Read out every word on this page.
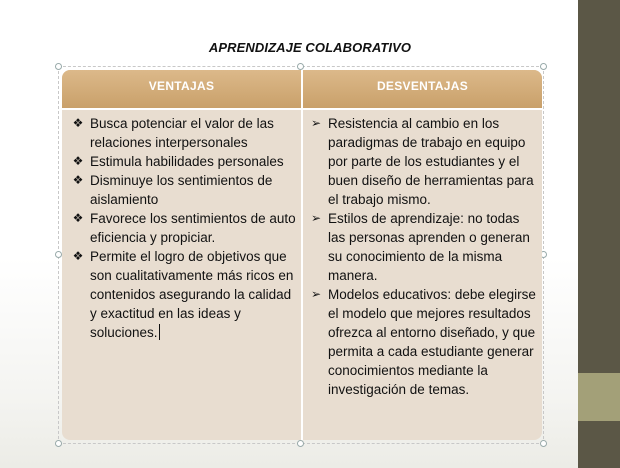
APRENDIZAJE COLABORATIVO
VENTAJAS	DESVENTAJAS

❖ Busca potenciar el valor de las relaciones interpersonales

❖ Estimula habilidades personales

❖ Disminuye los sentimientos de aislamiento

❖ Favorece los sentimientos de auto eficiencia y propiciar.

❖ Permite el logro de objetivos que son cualitativamente más ricos en contenidos asegurando la calidad y exactitud en las ideas y soluciones.

➢ Resistencia al cambio en los paradigmas de trabajo en equipo por parte de los estudiantes y el buen diseño de herramientas para el trabajo mismo.

➢ Estilos de aprendizaje: no todas las personas aprenden o generan su conocimiento de la misma manera.

➢ Modelos educativos: debe elegirse el modelo que mejores resultados ofrezca al entorno diseñado, y que permita a cada estudiante generar conocimientos mediante la investigación de temas.
